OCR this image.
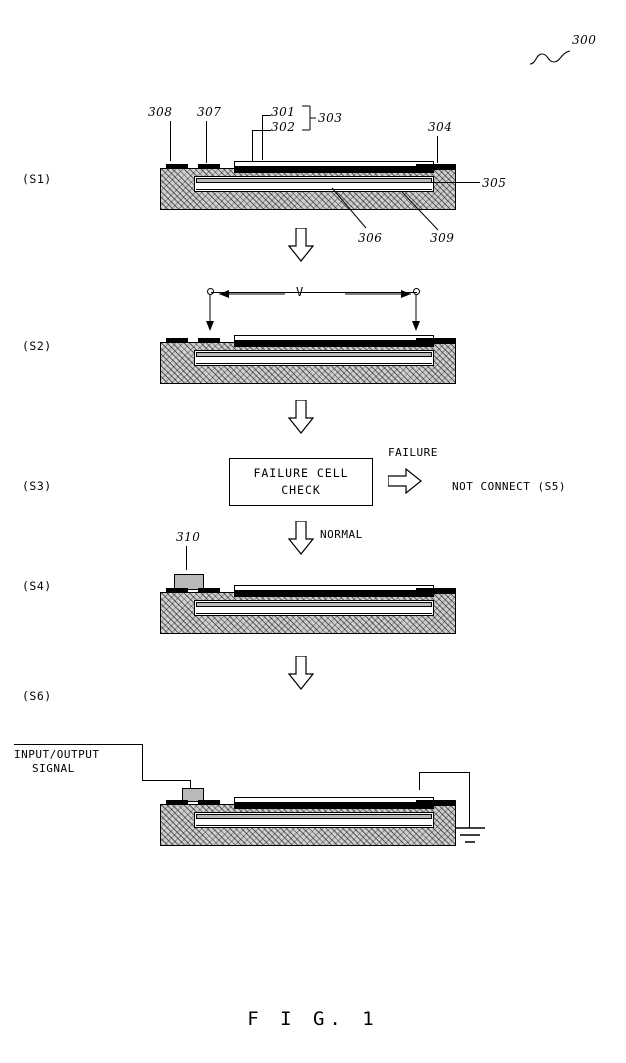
300
(S1)
308 307	301
302
303
304
305
306	309
(S2)
V
(S3)
FAILURE CELL
CHECK
FAILURE
NOT CONNECT (S5)
NORMAL
(S4)
310
(S6)
INPUT/OUTPUT
SIGNAL
F I G. 1
